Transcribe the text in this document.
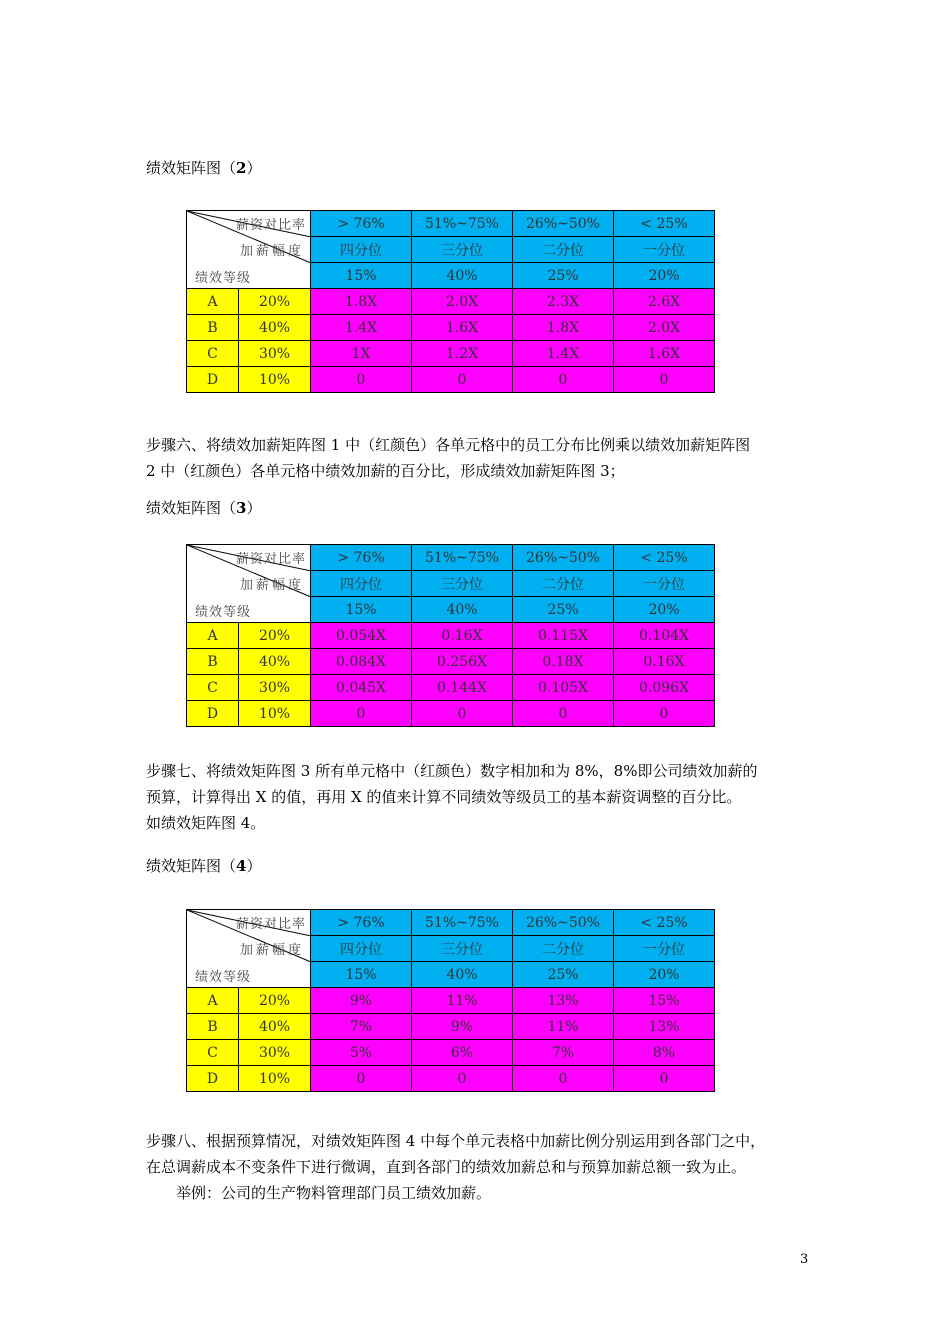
绩效矩阵图（2）
薪资对比率
加薪幅度
绩效等级		> 76%	51%~75%	26%~50%	< 25%
		四分位	三分位	二分位	一分位
		15%	40%	25%	20%
A	20%	1.8X	2.0X	2.3X	2.6X
B	40%	1.4X	1.6X	1.8X	2.0X
C	30%	1X	1.2X	1.4X	1.6X
D	10%	0	0	0	0

步骤六、将绩效加薪矩阵图 1 中（红颜色）各单元格中的员工分布比例乘以绩效加薪矩阵图

2 中（红颜色）各单元格中绩效加薪的百分比，形成绩效加薪矩阵图 3；

绩效矩阵图（3）
薪资对比率
加薪幅度
绩效等级		> 76%	51%~75%	26%~50%	< 25%
		四分位	三分位	二分位	一分位
		15%	40%	25%	20%
A	20%	0.054X	0.16X	0.115X	0.104X
B	40%	0.084X	0.256X	0.18X	0.16X
C	30%	0.045X	0.144X	0.105X	0.096X
D	10%	0	0	0	0

步骤七、将绩效矩阵图 3 所有单元格中（红颜色）数字相加和为 8%，8%即公司绩效加薪的

预算，计算得出 X 的值，再用 X 的值来计算不同绩效等级员工的基本薪资调整的百分比。

如绩效矩阵图 4。

绩效矩阵图（4）
薪资对比率
加薪幅度
绩效等级		> 76%	51%~75%	26%~50%	< 25%
		四分位	三分位	二分位	一分位
		15%	40%	25%	20%
A	20%	9%	11%	13%	15%
B	40%	7%	9%	11%	13%
C	30%	5%	6%	7%	8%
D	10%	0	0	0	0

步骤八、根据预算情况，对绩效矩阵图 4 中每个单元表格中加薪比例分别运用到各部门之中，

在总调薪成本不变条件下进行微调，直到各部门的绩效加薪总和与预算加薪总额一致为止。

举例：公司的生产物料管理部门员工绩效加薪。

3
